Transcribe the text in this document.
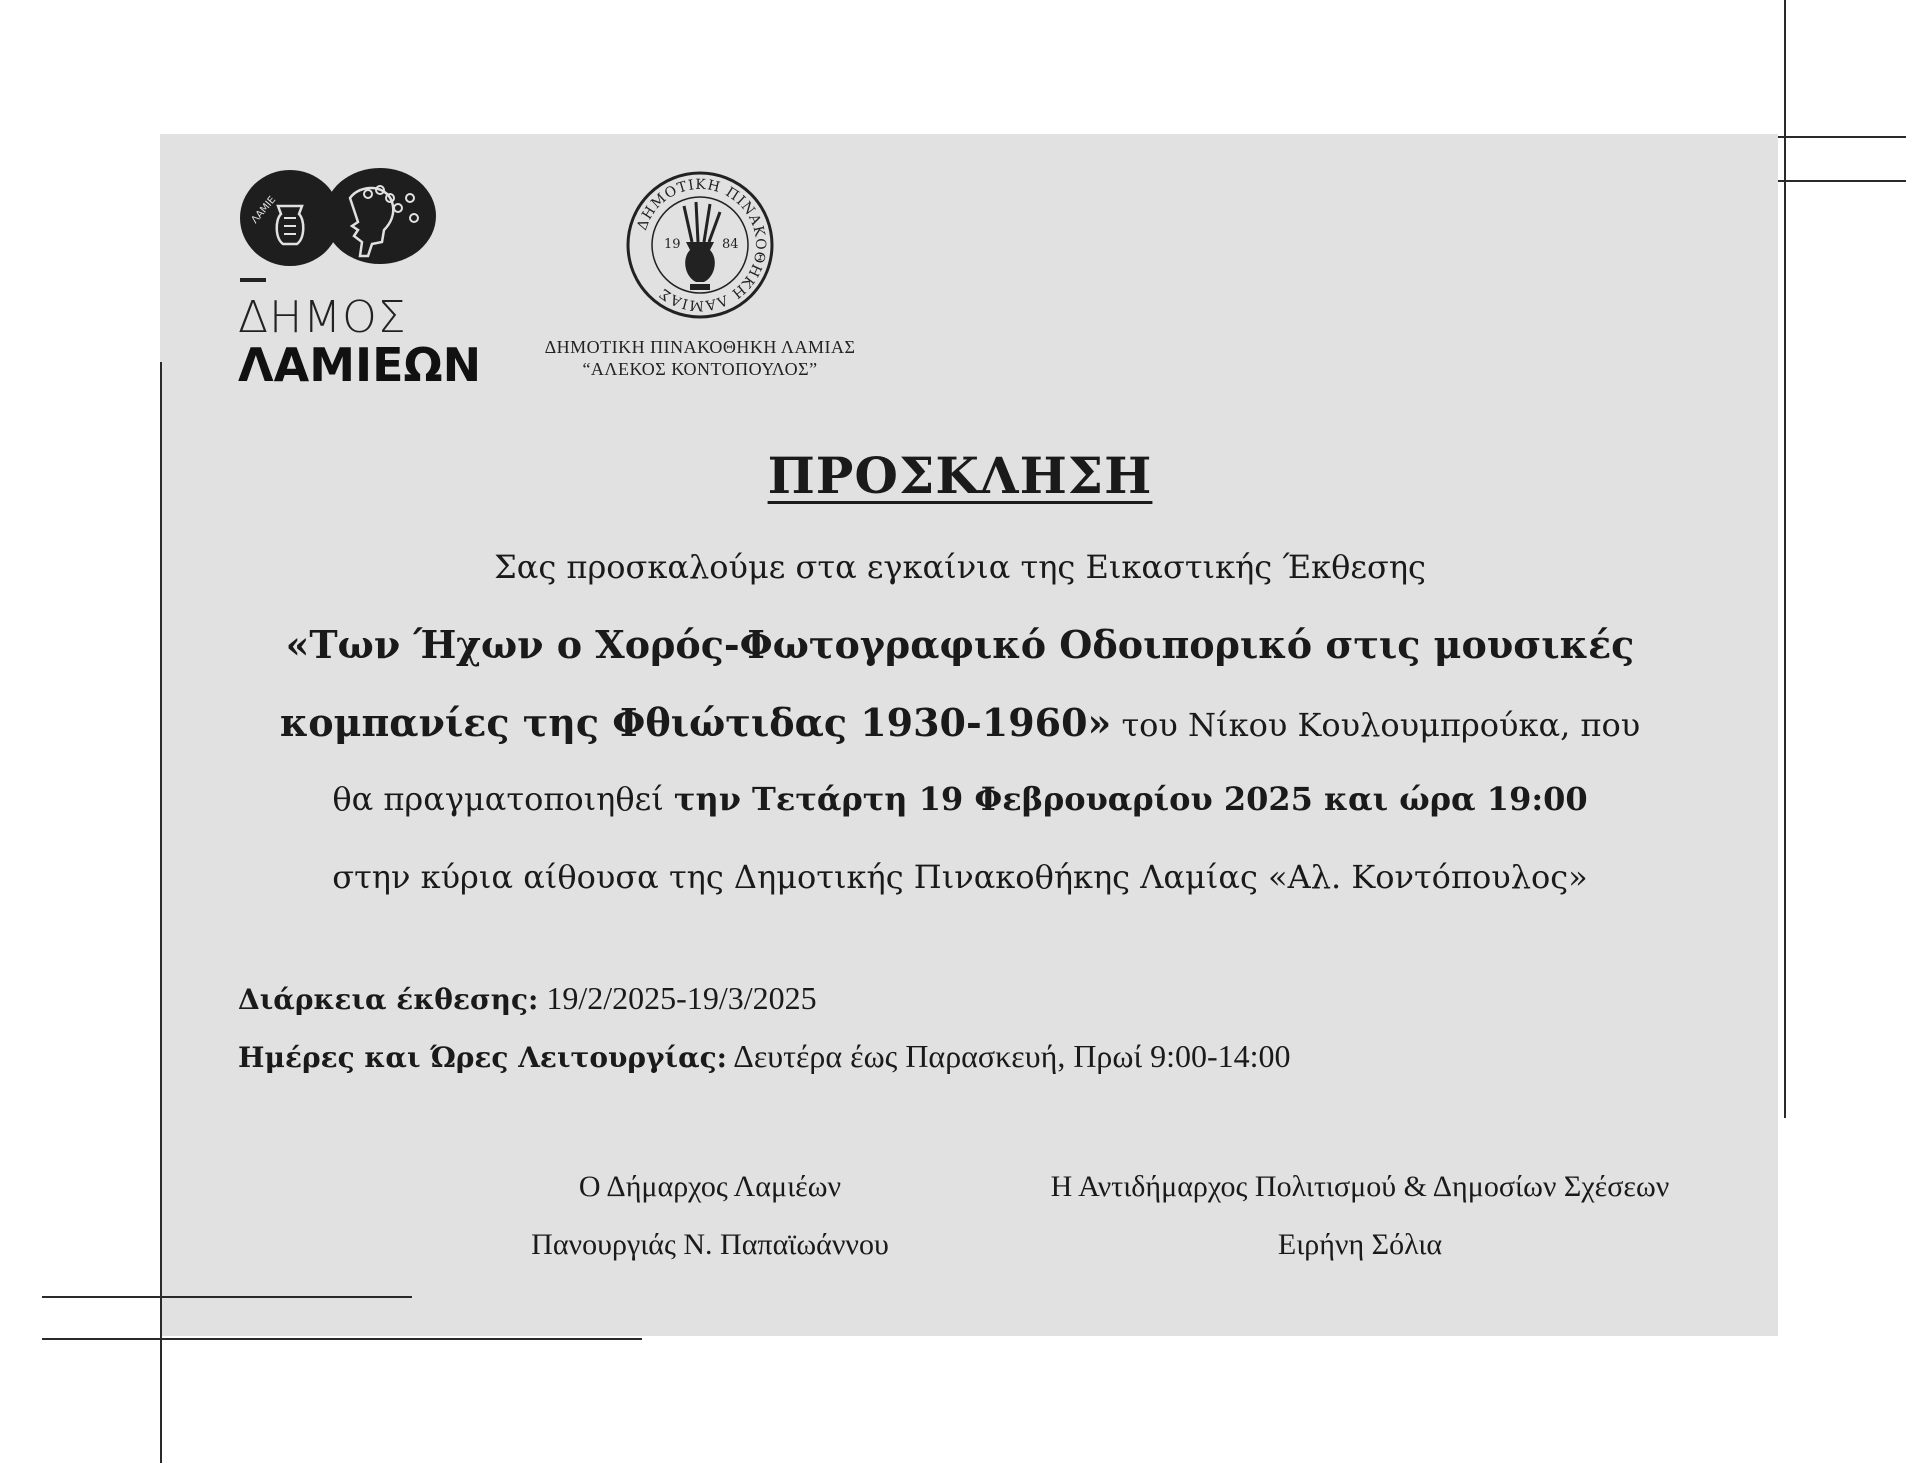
ΛΑΜΙΕ
ΔΗΜΟΣ
ΛΑΜΙΕΩΝ
ΔΗΜΟΤΙΚΗ ΠΙΝΑΚΟΘΗΚΗ ΛΑΜΙΑΣ
19	84
ΔΗΜΟΤΙΚΗ ΠΙΝΑΚΟΘΗΚΗ ΛΑΜΙΑΣ
“ΑΛΕΚΟΣ ΚΟΝΤΟΠΟΥΛΟΣ”
ΠΡΟΣΚΛΗΣΗ
Σας προσκαλούμε στα εγκαίνια της Εικαστικής Έκθεσης
«Των Ήχων ο Χορός-Φωτογραφικό Οδοιπορικό στις μουσικές
κομπανίες της Φθιώτιδας 1930-1960» του Νίκου Κουλουμπρούκα, που
θα πραγματοποιηθεί την Τετάρτη 19 Φεβρουαρίου 2025 και ώρα 19:00
στην κύρια αίθουσα της Δημοτικής Πινακοθήκης Λαμίας «Αλ. Κοντόπουλος»
Διάρκεια έκθεσης: 19/2/2025-19/3/2025
Ημέρες και Ώρες Λειτουργίας: Δευτέρα έως Παρασκευή, Πρωί 9:00-14:00
Ο Δήμαρχος Λαμιέων
Πανουργιάς Ν. Παπαϊωάννου
Η Αντιδήμαρχος Πολιτισμού & Δημοσίων Σχέσεων
Ειρήνη Σόλια
